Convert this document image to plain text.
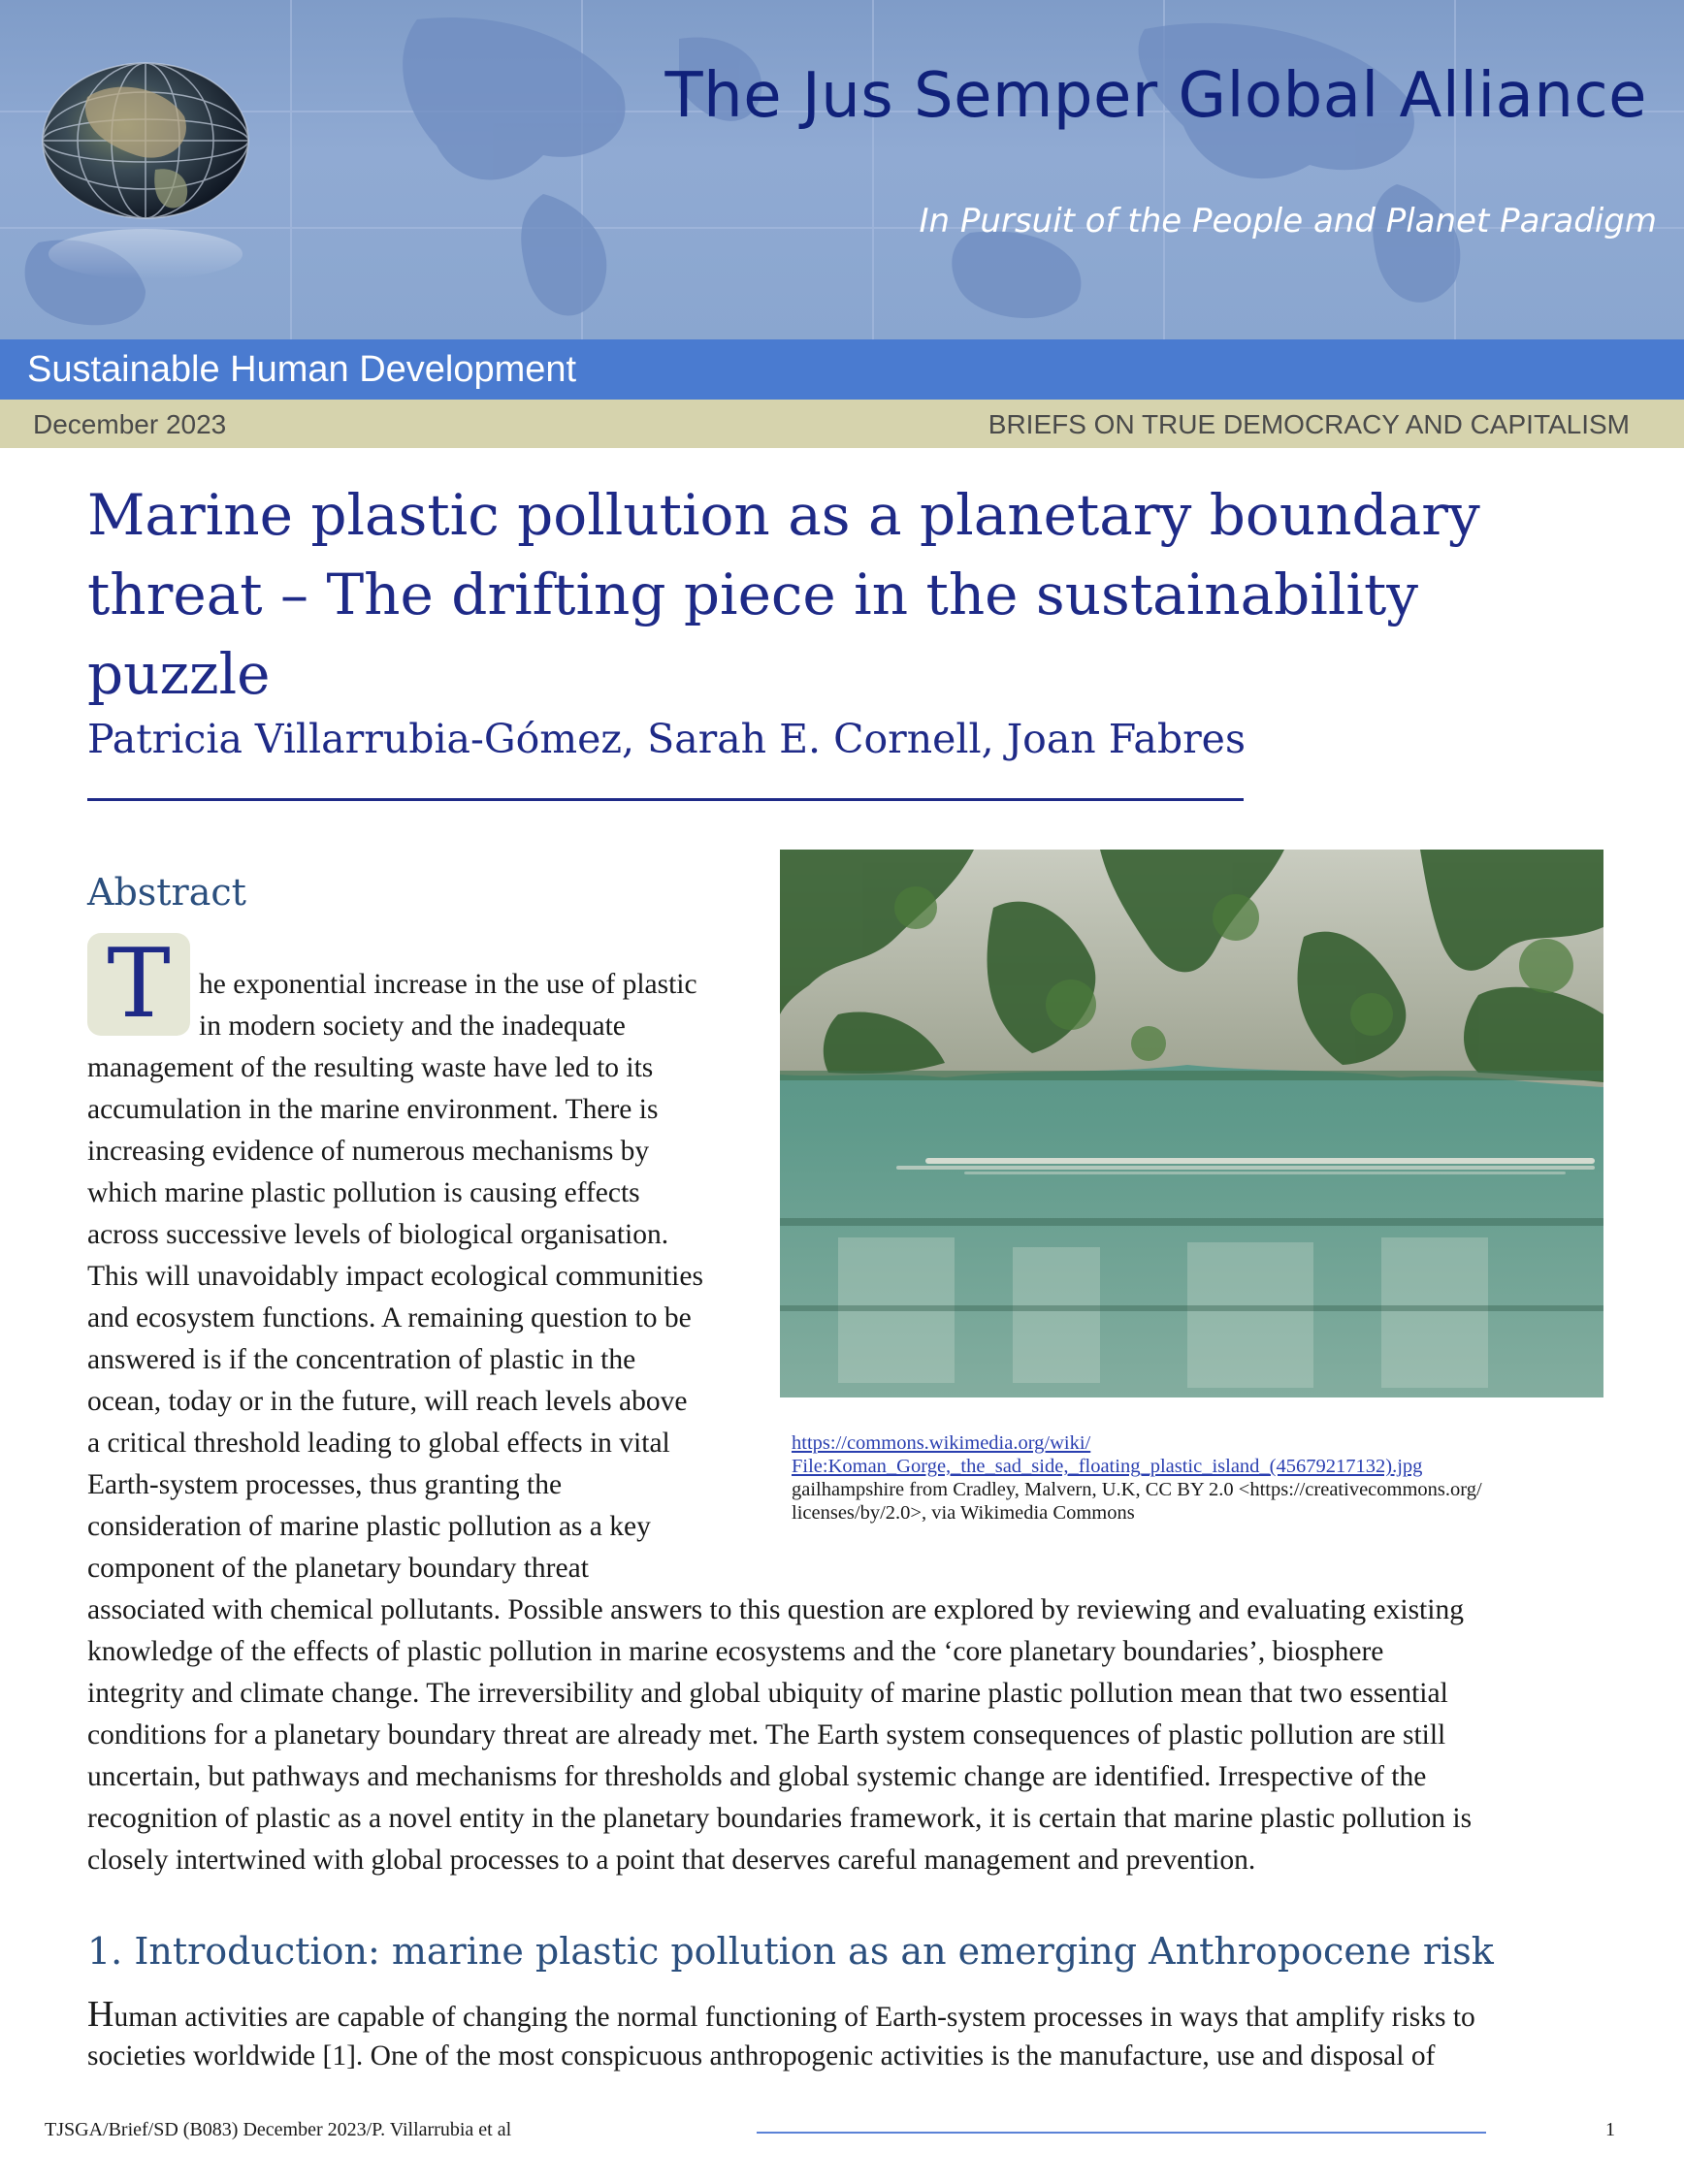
The Jus Semper Global Alliance
In Pursuit of the People and Planet Paradigm
Sustainable Human Development
December 2023	BRIEFS ON TRUE DEMOCRACY AND CAPITALISM
Marine plastic pollution as a planetary boundary
threat – The drifting piece in the sustainability puzzle
Patricia Villarrubia-Gómez, Sarah E. Cornell, Joan Fabres
Abstract
T he exponential increase in the use of plastic
in modern society and the inadequate
management of the resulting waste have led to its
accumulation in the marine environment. There is
increasing evidence of numerous mechanisms by
which marine plastic pollution is causing effects
across successive levels of biological organisation.
This will unavoidably impact ecological communities
and ecosystem functions. A remaining question to be
answered is if the concentration of plastic in the
ocean, today or in the future, will reach levels above
a critical threshold leading to global effects in vital
Earth-system processes, thus granting the
consideration of marine plastic pollution as a key
component of the planetary boundary threat
associated with chemical pollutants. Possible answers to this question are explored by reviewing and evaluating existing
knowledge of the effects of plastic pollution in marine ecosystems and the ‘core planetary boundaries’, biosphere
integrity and climate change. The irreversibility and global ubiquity of marine plastic pollution mean that two essential
conditions for a planetary boundary threat are already met. The Earth system consequences of plastic pollution are still
uncertain, but pathways and mechanisms for thresholds and global systemic change are identified. Irrespective of the
recognition of plastic as a novel entity in the planetary boundaries framework, it is certain that marine plastic pollution is
closely intertwined with global processes to a point that deserves careful management and prevention.
https://commons.wikimedia.org/wiki/
File:Koman_Gorge,_the_sad_side,_floating_plastic_island_(45679217132).jpg
gailhampshire from Cradley, Malvern, U.K, CC BY 2.0 <https://creativecommons.org/
licenses/by/2.0>, via Wikimedia Commons
1. Introduction: marine plastic pollution as an emerging Anthropocene risk
Human activities are capable of changing the normal functioning of Earth-system processes in ways that amplify risks to
societies worldwide [1]. One of the most conspicuous anthropogenic activities is the manufacture, use and disposal of
TJSGA/Brief/SD (B083) December 2023/P. Villarrubia et al	1
